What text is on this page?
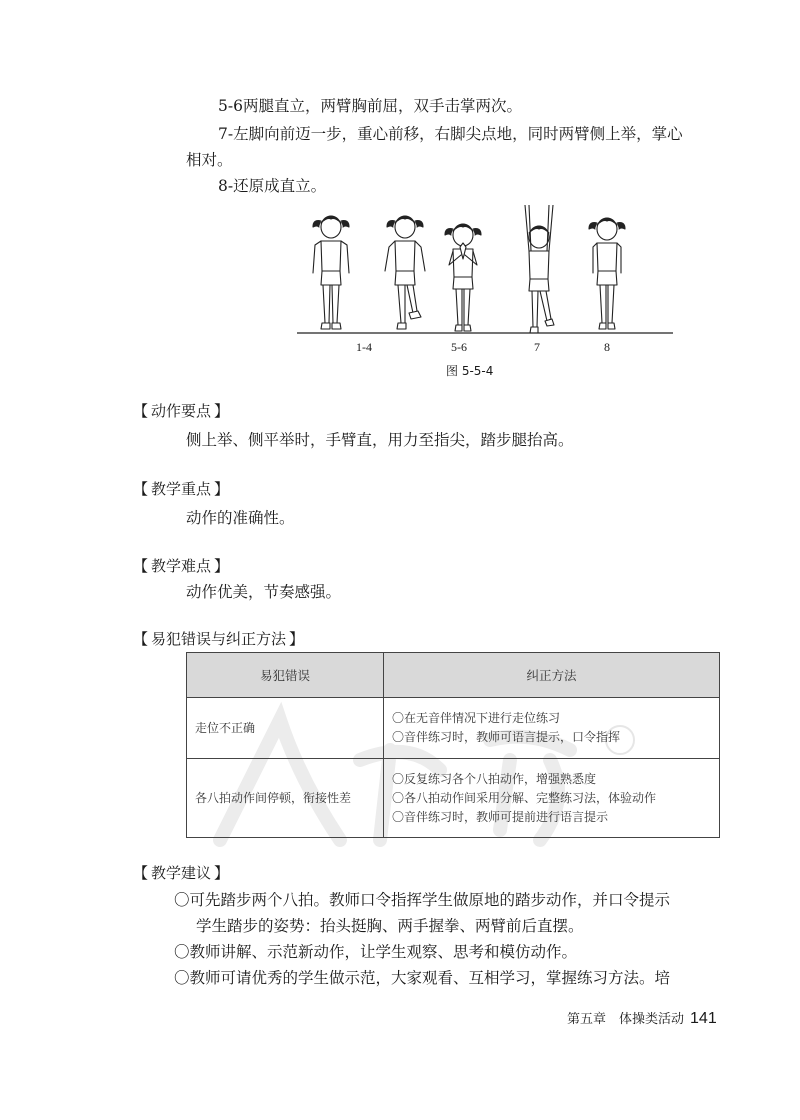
5-6两腿直立，两臂胸前屈，双手击掌两次。
7-左脚向前迈一步，重心前移，右脚尖点地，同时两臂侧上举，掌心
相对。
8-还原成直立。
1-4	5-6	7	8
图 5-5-4
【 动作要点 】
侧上举、侧平举时，手臂直，用力至指尖，踏步腿抬高。
【 教学重点 】
动作的准确性。
【 教学难点 】
动作优美，节奏感强。
【 易犯错误与纠正方法 】
易犯错误	纠正方法
走位不正确	〇在无音伴情况下进行走位练习
〇音伴练习时，教师可语言提示，口令指挥

各八拍动作间停顿，衔接性差	〇反复练习各个八拍动作，增强熟悉度
〇各八拍动作间采用分解、完整练习法，体验动作
〇音伴练习时，教师可提前进行语言提示
【 教学建议 】
〇可先踏步两个八拍。教师口令指挥学生做原地的踏步动作，并口令提示
学生踏步的姿势：抬头挺胸、两手握拳、两臂前后直摆。
〇教师讲解、示范新动作，让学生观察、思考和模仿动作。
〇教师可请优秀的学生做示范，大家观看、互相学习，掌握练习方法。培
第五章　体操类活动 141
